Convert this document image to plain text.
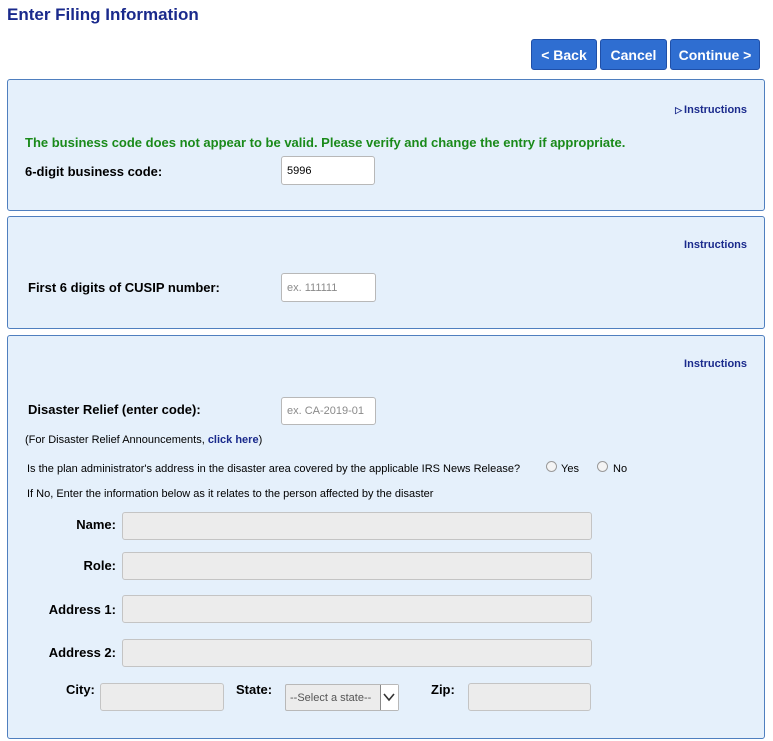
Enter Filing Information
< Back	Cancel	Continue >
▷ Instructions
The business code does not appear to be valid. Please verify and change the entry if appropriate.
6-digit business code:
5996
Instructions
First 6 digits of CUSIP number:
ex. 111111
Instructions
Disaster Relief (enter code):
ex. CA-2019-01
(For Disaster Relief Announcements, click here)
Is the plan administrator's address in the disaster area covered by the applicable IRS News Release?	Yes	No
If No, Enter the information below as it relates to the person affected by the disaster
Name:
Role:
Address 1:
Address 2:
City:	State:
--Select a state--
Zip:
